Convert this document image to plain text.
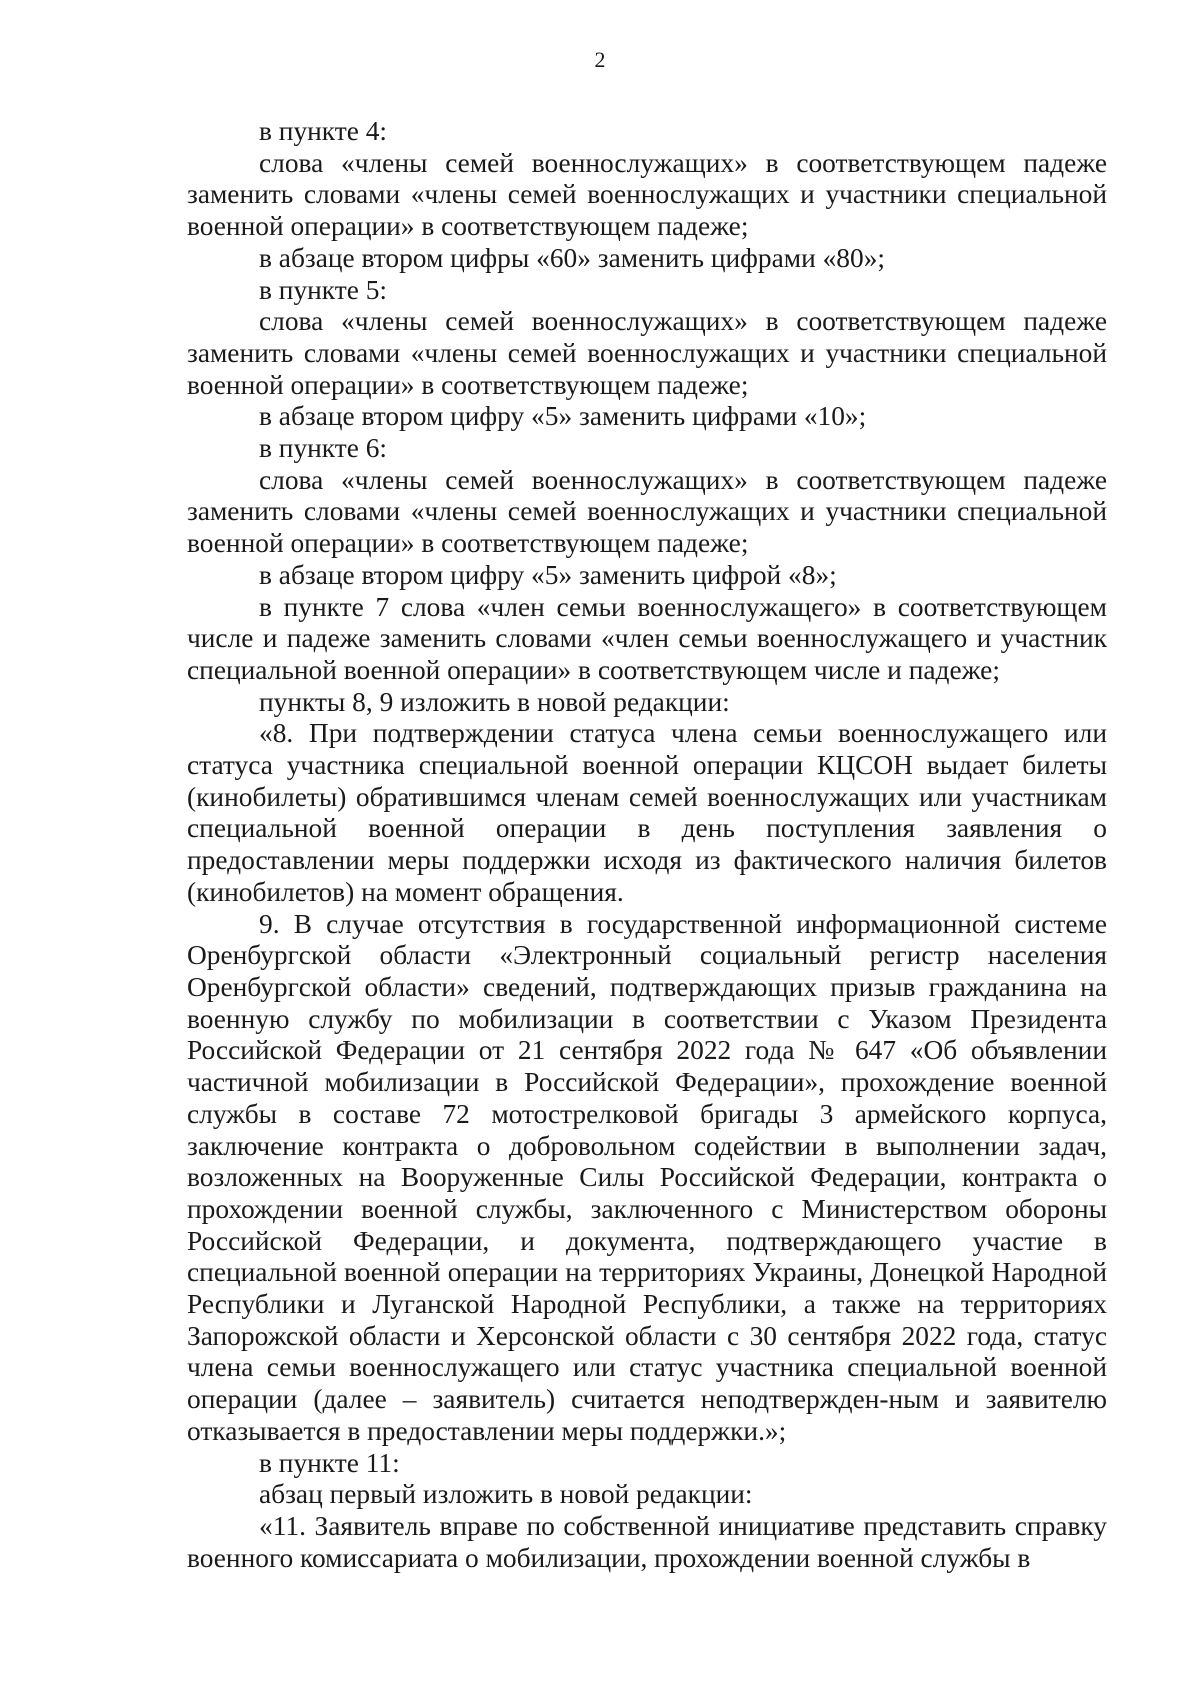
2

в пункте 4:

слова «члены семей военнослужащих» в соответствующем падеже заменить словами «члены семей военнослужащих и участники специальной военной операции» в соответствующем падеже;

в абзаце втором цифры «60» заменить цифрами «80»;

в пункте 5:

слова «члены семей военнослужащих» в соответствующем падеже заменить словами «члены семей военнослужащих и участники специальной военной операции» в соответствующем падеже;

в абзаце втором цифру «5» заменить цифрами «10»;

в пункте 6:

слова «члены семей военнослужащих» в соответствующем падеже заменить словами «члены семей военнослужащих и участники специальной военной операции» в соответствующем падеже;

в абзаце втором цифру «5» заменить цифрой «8»;

в пункте 7 слова «член семьи военнослужащего» в соответствующем числе и падеже заменить словами «член семьи военнослужащего и участник специальной военной операции» в соответствующем числе и падеже;

пункты 8, 9 изложить в новой редакции:

«8. При подтверждении статуса члена семьи военнослужащего или статуса участника специальной военной операции КЦСОН выдает билеты (кинобилеты) обратившимся членам семей военнослужащих или участникам специальной военной операции в день поступления заявления о предоставлении меры поддержки исходя из фактического наличия билетов (кинобилетов) на момент обращения.

9. В случае отсутствия в государственной информационной системе Оренбургской области «Электронный социальный регистр населения Оренбургской области» сведений, подтверждающих призыв гражданина на военную службу по мобилизации в соответствии с Указом Президента Российской Федерации от 21 сентября 2022 года № 647 «Об объявлении частичной мобилизации в Российской Федерации», прохождение военной службы в составе 72 мотострелковой бригады 3 армейского корпуса, заключение контракта о добровольном содействии в выполнении задач, возложенных на Вооруженные Силы Российской Федерации, контракта о прохождении военной службы, заключенного с Министерством обороны Российской Федерации, и документа, подтверждающего участие в специальной военной операции на территориях Украины, Донецкой Народной Республики и Луганской Народной Республики, а также на территориях Запорожской области и Херсонской области с 30 сентября 2022 года, статус члена семьи военнослужащего или статус участника специальной военной операции (далее – заявитель) считается неподтвержден-ным и заявителю отказывается в предоставлении меры поддержки.»;

в пункте 11:

абзац первый изложить в новой редакции:

«11. Заявитель вправе по собственной инициативе представить справку военного комиссариата о мобилизации, прохождении военной службы в
